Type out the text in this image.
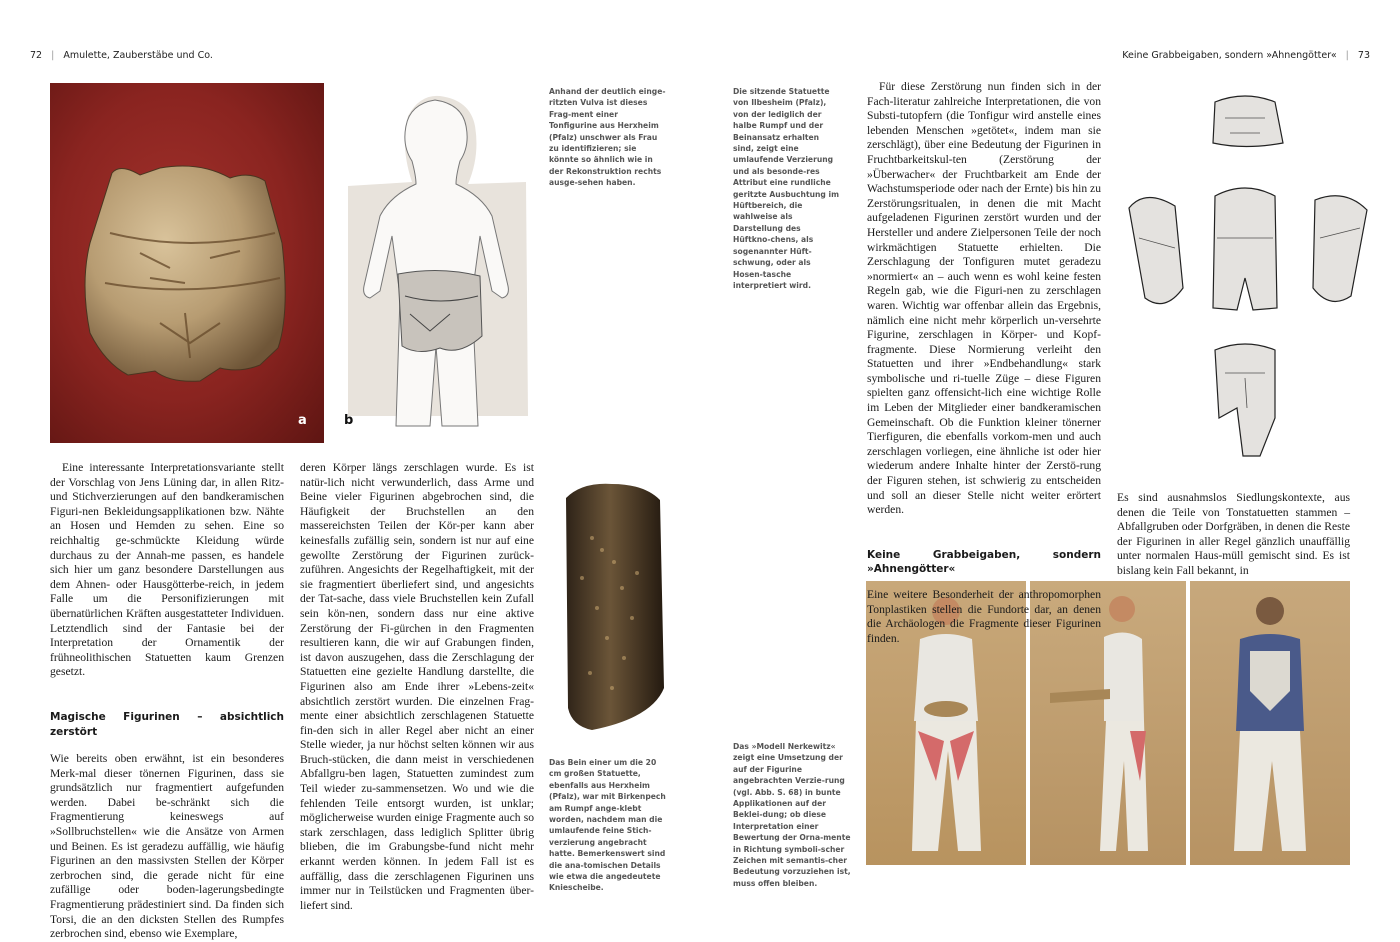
72 | Amulette, Zauberstäbe und Co.	Keine Grabbeigaben, sondern »Ahnengötter« | 73
a	b
Anhand der deutlich einge-ritzten Vulva ist dieses Frag-ment einer Tonfigurine aus Herxheim (Pfalz) unschwer als Frau zu identifizieren; sie könnte so ähnlich wie in der Rekonstruktion rechts ausge-sehen haben.
Die sitzende Statuette von Ilbesheim (Pfalz), von der lediglich der halbe Rumpf und der Beinansatz erhalten sind, zeigt eine umlaufende Verzierung und als besonde-res Attribut eine rundliche geritzte Ausbuchtung im Hüftbereich, die wahlweise als Darstellung des Hüftkno-chens, als sogenannter Hüft-schwung, oder als Hosen-tasche interpretiert wird.
Das Bein einer um die 20 cm großen Statuette, ebenfalls aus Herxheim (Pfalz), war mit Birkenpech am Rumpf ange-klebt worden, nachdem man die umlaufende feine Stich-verzierung angebracht hatte. Bemerkenswert sind die ana-tomischen Details wie etwa die angedeutete Kniescheibe.
Das »Modell Nerkewitz« zeigt eine Umsetzung der auf der Figurine angebrachten Verzie-rung (vgl. Abb. S. 68) in bunte Applikationen auf der Beklei-dung; ob diese Interpretation einer Bewertung der Orna-mente in Richtung symboli-scher Zeichen mit semantis-cher Bedeutung vorzuziehen ist, muss offen bleiben.

Eine interessante Interpretationsvariante stellt der Vorschlag von Jens Lüning dar, in allen Ritz- und Stichverzierungen auf den bandkeramischen Figuri-nen Bekleidungsapplikationen bzw. Nähte an Hosen und Hemden zu sehen. Eine so reichhaltig ge-schmückte Kleidung würde durchaus zu der Annah-me passen, es handele sich hier um ganz besondere Darstellungen aus dem Ahnen- oder Hausgötterbe-reich, in jedem Falle um die Personifizierungen mit übernatürlichen Kräften ausgestatteter Individuen. Letztendlich sind der Fantasie bei der Interpretation der Ornamentik der frühneolithischen Statuetten kaum Grenzen gesetzt.

Magische Figurinen – absichtlich zerstört

Wie bereits oben erwähnt, ist ein besonderes Merk-mal dieser tönernen Figurinen, dass sie grundsätzlich nur fragmentiert aufgefunden werden. Dabei be-schränkt sich die Fragmentierung keineswegs auf »Sollbruchstellen« wie die Ansätze von Armen und Beinen. Es ist geradezu auffällig, wie häufig Figurinen an den massivsten Stellen der Körper zerbrochen sind, die gerade nicht für eine zufällige oder boden-lagerungsbedingte Fragmentierung prädestiniert sind. Da finden sich Torsi, die an den dicksten Stellen des Rumpfes zerbrochen sind, ebenso wie Exemplare,

deren Körper längs zerschlagen wurde. Es ist natür-lich nicht verwunderlich, dass Arme und Beine vieler Figurinen abgebrochen sind, die Häufigkeit der Bruchstellen an den massereichsten Teilen der Kör-per kann aber keinesfalls zufällig sein, sondern ist nur auf eine gewollte Zerstörung der Figurinen zurück-zuführen. Angesichts der Regelhaftigkeit, mit der sie fragmentiert überliefert sind, und angesichts der Tat-sache, dass viele Bruchstellen kein Zufall sein kön-nen, sondern dass nur eine aktive Zerstörung der Fi-gürchen in den Fragmenten resultieren kann, die wir auf Grabungen finden, ist davon auszugehen, dass die Zerschlagung der Statuetten eine gezielte Handlung darstellte, die Figurinen also am Ende ihrer »Lebens-zeit« absichtlich zerstört wurden. Die einzelnen Frag-mente einer absichtlich zerschlagenen Statuette fin-den sich in aller Regel aber nicht an einer Stelle wieder, ja nur höchst selten können wir aus Bruch-stücken, die dann meist in verschiedenen Abfallgru-ben lagen, Statuetten zumindest zum Teil wieder zu-sammensetzen. Wo und wie die fehlenden Teile entsorgt wurden, ist unklar; möglicherweise wurden einige Fragmente auch so stark zerschlagen, dass lediglich Splitter übrig blieben, die im Grabungsbe-fund nicht mehr erkannt werden können. In jedem Fall ist es auffällig, dass die zerschlagenen Figurinen uns immer nur in Teilstücken und Fragmenten über-liefert sind.

Für diese Zerstörung nun finden sich in der Fach-literatur zahlreiche Interpretationen, die von Substi-tutopfern (die Tonfigur wird anstelle eines lebenden Menschen »getötet«, indem man sie zerschlägt), über eine Bedeutung der Figurinen in Fruchtbarkeitskul-ten (Zerstörung der »Überwacher« der Fruchtbarkeit am Ende der Wachstumsperiode oder nach der Ernte) bis hin zu Zerstörungsritualen, in denen die mit Macht aufgeladenen Figurinen zerstört wurden und der Hersteller und andere Zielpersonen Teile der noch wirkmächtigen Statuette erhielten. Die Zerschlagung der Tonfiguren mutet geradezu »normiert« an – auch wenn es wohl keine festen Regeln gab, wie die Figuri-nen zu zerschlagen waren. Wichtig war offenbar allein das Ergebnis, nämlich eine nicht mehr körperlich un-versehrte Figurine, zerschlagen in Körper- und Kopf-fragmente. Diese Normierung verleiht den Statuetten und ihrer »Endbehandlung« stark symbolische und ri-tuelle Züge – diese Figuren spielten ganz offensicht-lich eine wichtige Rolle im Leben der Mitglieder einer bandkeramischen Gemeinschaft. Ob die Funktion kleiner tönerner Tierfiguren, die ebenfalls vorkom-men und auch zerschlagen vorliegen, eine ähnliche ist oder hier wiederum andere Inhalte hinter der Zerstö-rung der Figuren stehen, ist schwierig zu entscheiden und soll an dieser Stelle nicht weiter erörtert werden.

Keine Grabbeigaben, sondern »Ahnengötter«

Eine weitere Besonderheit der anthropomorphen Tonplastiken stellen die Fundorte dar, an denen die Archäologen die Fragmente dieser Figurinen finden.

Es sind ausnahmslos Siedlungskontexte, aus denen die Teile von Tonstatuetten stammen – Abfallgruben oder Dorfgräben, in denen die Reste der Figurinen in aller Regel gänzlich unauffällig unter normalen Haus-müll gemischt sind. Es ist bislang kein Fall bekannt, in
